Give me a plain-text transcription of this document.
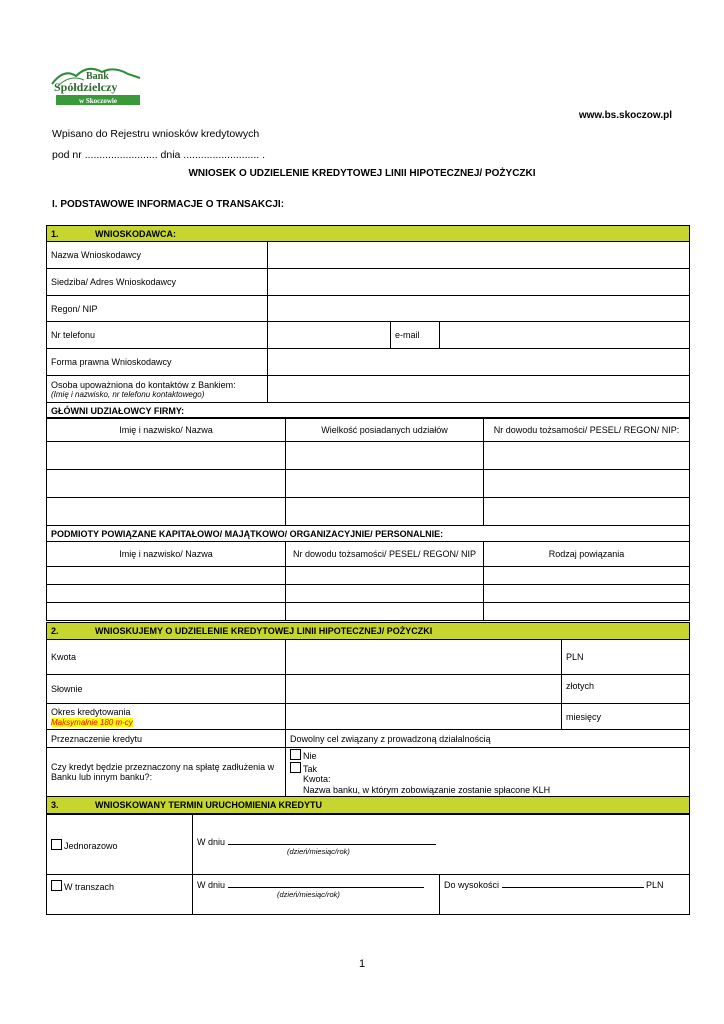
Bank
Spółdzielczy
w Skoczowie
www.bs.skoczow.pl
Wpisano do Rejestru wniosków kredytowych
pod nr ......................... dnia .......................... .
WNIOSEK O UDZIELENIE KREDYTOWEJ LINII HIPOTECZNEJ/ POŻYCZKI
I. PODSTAWOWE INFORMACJE O TRANSAKCJI:
1. WNIOSKODAWCA:			
Nazwa Wnioskodawcy			
Siedziba/ Adres Wnioskodawcy			
Regon/ NIP			
Nr telefonu		e-mail	
Forma prawna Wnioskodawcy			

Osoba upoważniona do kontaktów z Bankiem:
(Imię i nazwisko, nr telefonu kontaktowego)			

GŁÓWNI UDZIAŁOWCY FIRMY:			
Imię i nazwisko/ Nazwa	Wielkość posiadanych udziałów	Nr dowodu tożsamości/ PESEL/ REGON/ NIP:

PODMIOTY POWIĄZANE KAPITAŁOWO/ MAJĄTKOWO/ ORGANIZACYJNIE/ PERSONALNIE:		
Imię i nazwisko/ Nazwa	Nr dowodu tożsamości/ PESEL/ REGON/ NIP	Rodzaj powiązania

2. WNIOSKUJEMY O UDZIELENIE KREDYTOWEJ LINII HIPOTECZNEJ/ POŻYCZKI		
Kwota		PLN
Słownie		złotych

Okres kredytowania
Maksymalnie 180 m-cy		miesięcy
Przeznaczenie kredytu	Dowolny cel związany z prowadzoną działalnością	
Czy kredyt będzie przeznaczony na spłatę zadłużenia w Banku lub innym banku?:	Nie
Tak
Kwota:
Nazwa banku, w którym zobowiązanie zostanie spłacone KLH	

3. WNIOSKOWANY TERMIN URUCHOMIENIA KREDYTU		
Jednorazowo	W dniu
(dzień/miesiąc/rok)	

W transzach	W dniu
(dzień/miesiąc/rok)	Do wysokości PLN
1
